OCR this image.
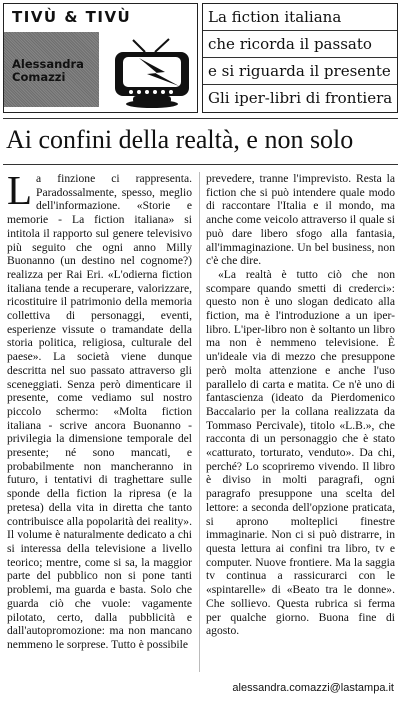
TIVÙ & TIVÙ
Alessandra Comazzi
La fiction italiana
che ricorda il passato
e si riguarda il presente
Gli iper-libri di frontiera
Ai confini della realtà, e non solo

La finzione ci rappresenta. Paradossalmente, spesso, meglio dell'informazione. «Storie e memorie - La fiction italiana» si intitola il rapporto sul genere televisivo più seguito che ogni anno Milly Buonanno (un destino nel cognome?) realizza per Rai Eri. «L'odierna fiction italiana tende a recuperare, valorizzare, ricostituire il patrimonio della memoria collettiva di personaggi, eventi, esperienze vissute o tramandate della storia politica, religiosa, culturale del paese». La società viene dunque descritta nel suo passato attraverso gli sceneggiati. Senza però dimenticare il presente, come vediamo sul nostro piccolo schermo: «Molta fiction italiana - scrive ancora Buonanno - privilegia la dimensione temporale del presente; né sono mancati, e probabilmente non mancheranno in futuro, i tentativi di traghettare sulle sponde della fiction la ripresa (e la pretesa) della vita in diretta che tanto contribuisce alla popolarità dei reality». Il volume è naturalmente dedicato a chi si interessa della televisione a livello teorico; mentre, come si sa, la maggior parte del pubblico non si pone tanti problemi, ma guarda e basta. Solo che guarda ciò che vuole: vagamente pilotato, certo, dalla pubblicità e dall'autopromozione: ma non mancano nemmeno le sorprese. Tutto è possibile

prevedere, tranne l'imprevisto. Resta la fiction che si può intendere quale modo di raccontare l'Italia e il mondo, ma anche come veicolo attraverso il quale si può dare libero sfogo alla fantasia, all'immaginazione. Un bel business, non c'è che dire.

«La realtà è tutto ciò che non scompare quando smetti di crederci»: questo non è uno slogan dedicato alla fiction, ma è l'introduzione a un iper-libro. L'iper-libro non è soltanto un libro ma non è nemmeno televisione. È un'ideale via di mezzo che presuppone però molta attenzione e anche l'uso parallelo di carta e matita. Ce n'è uno di fantascienza (ideato da Pierdomenico Baccalario per la collana realizzata da Tommaso Percivale), titolo «L.B.», che racconta di un personaggio che è stato «catturato, torturato, venduto». Da chi, perché? Lo scopriremo vivendo. Il libro è diviso in molti paragrafi, ogni paragrafo presuppone una scelta del lettore: a seconda dell'opzione praticata, si aprono molteplici finestre immaginarie. Non ci si può distrarre, in questa lettura ai confini tra libro, tv e computer. Nuove frontiere. Ma la saggia tv continua a rassicurarci con le «spintarelle» di «Beato tra le donne». Che sollievo. Questa rubrica si ferma per qualche giorno. Buona fine di agosto.

alessandra.comazzi@lastampa.it
